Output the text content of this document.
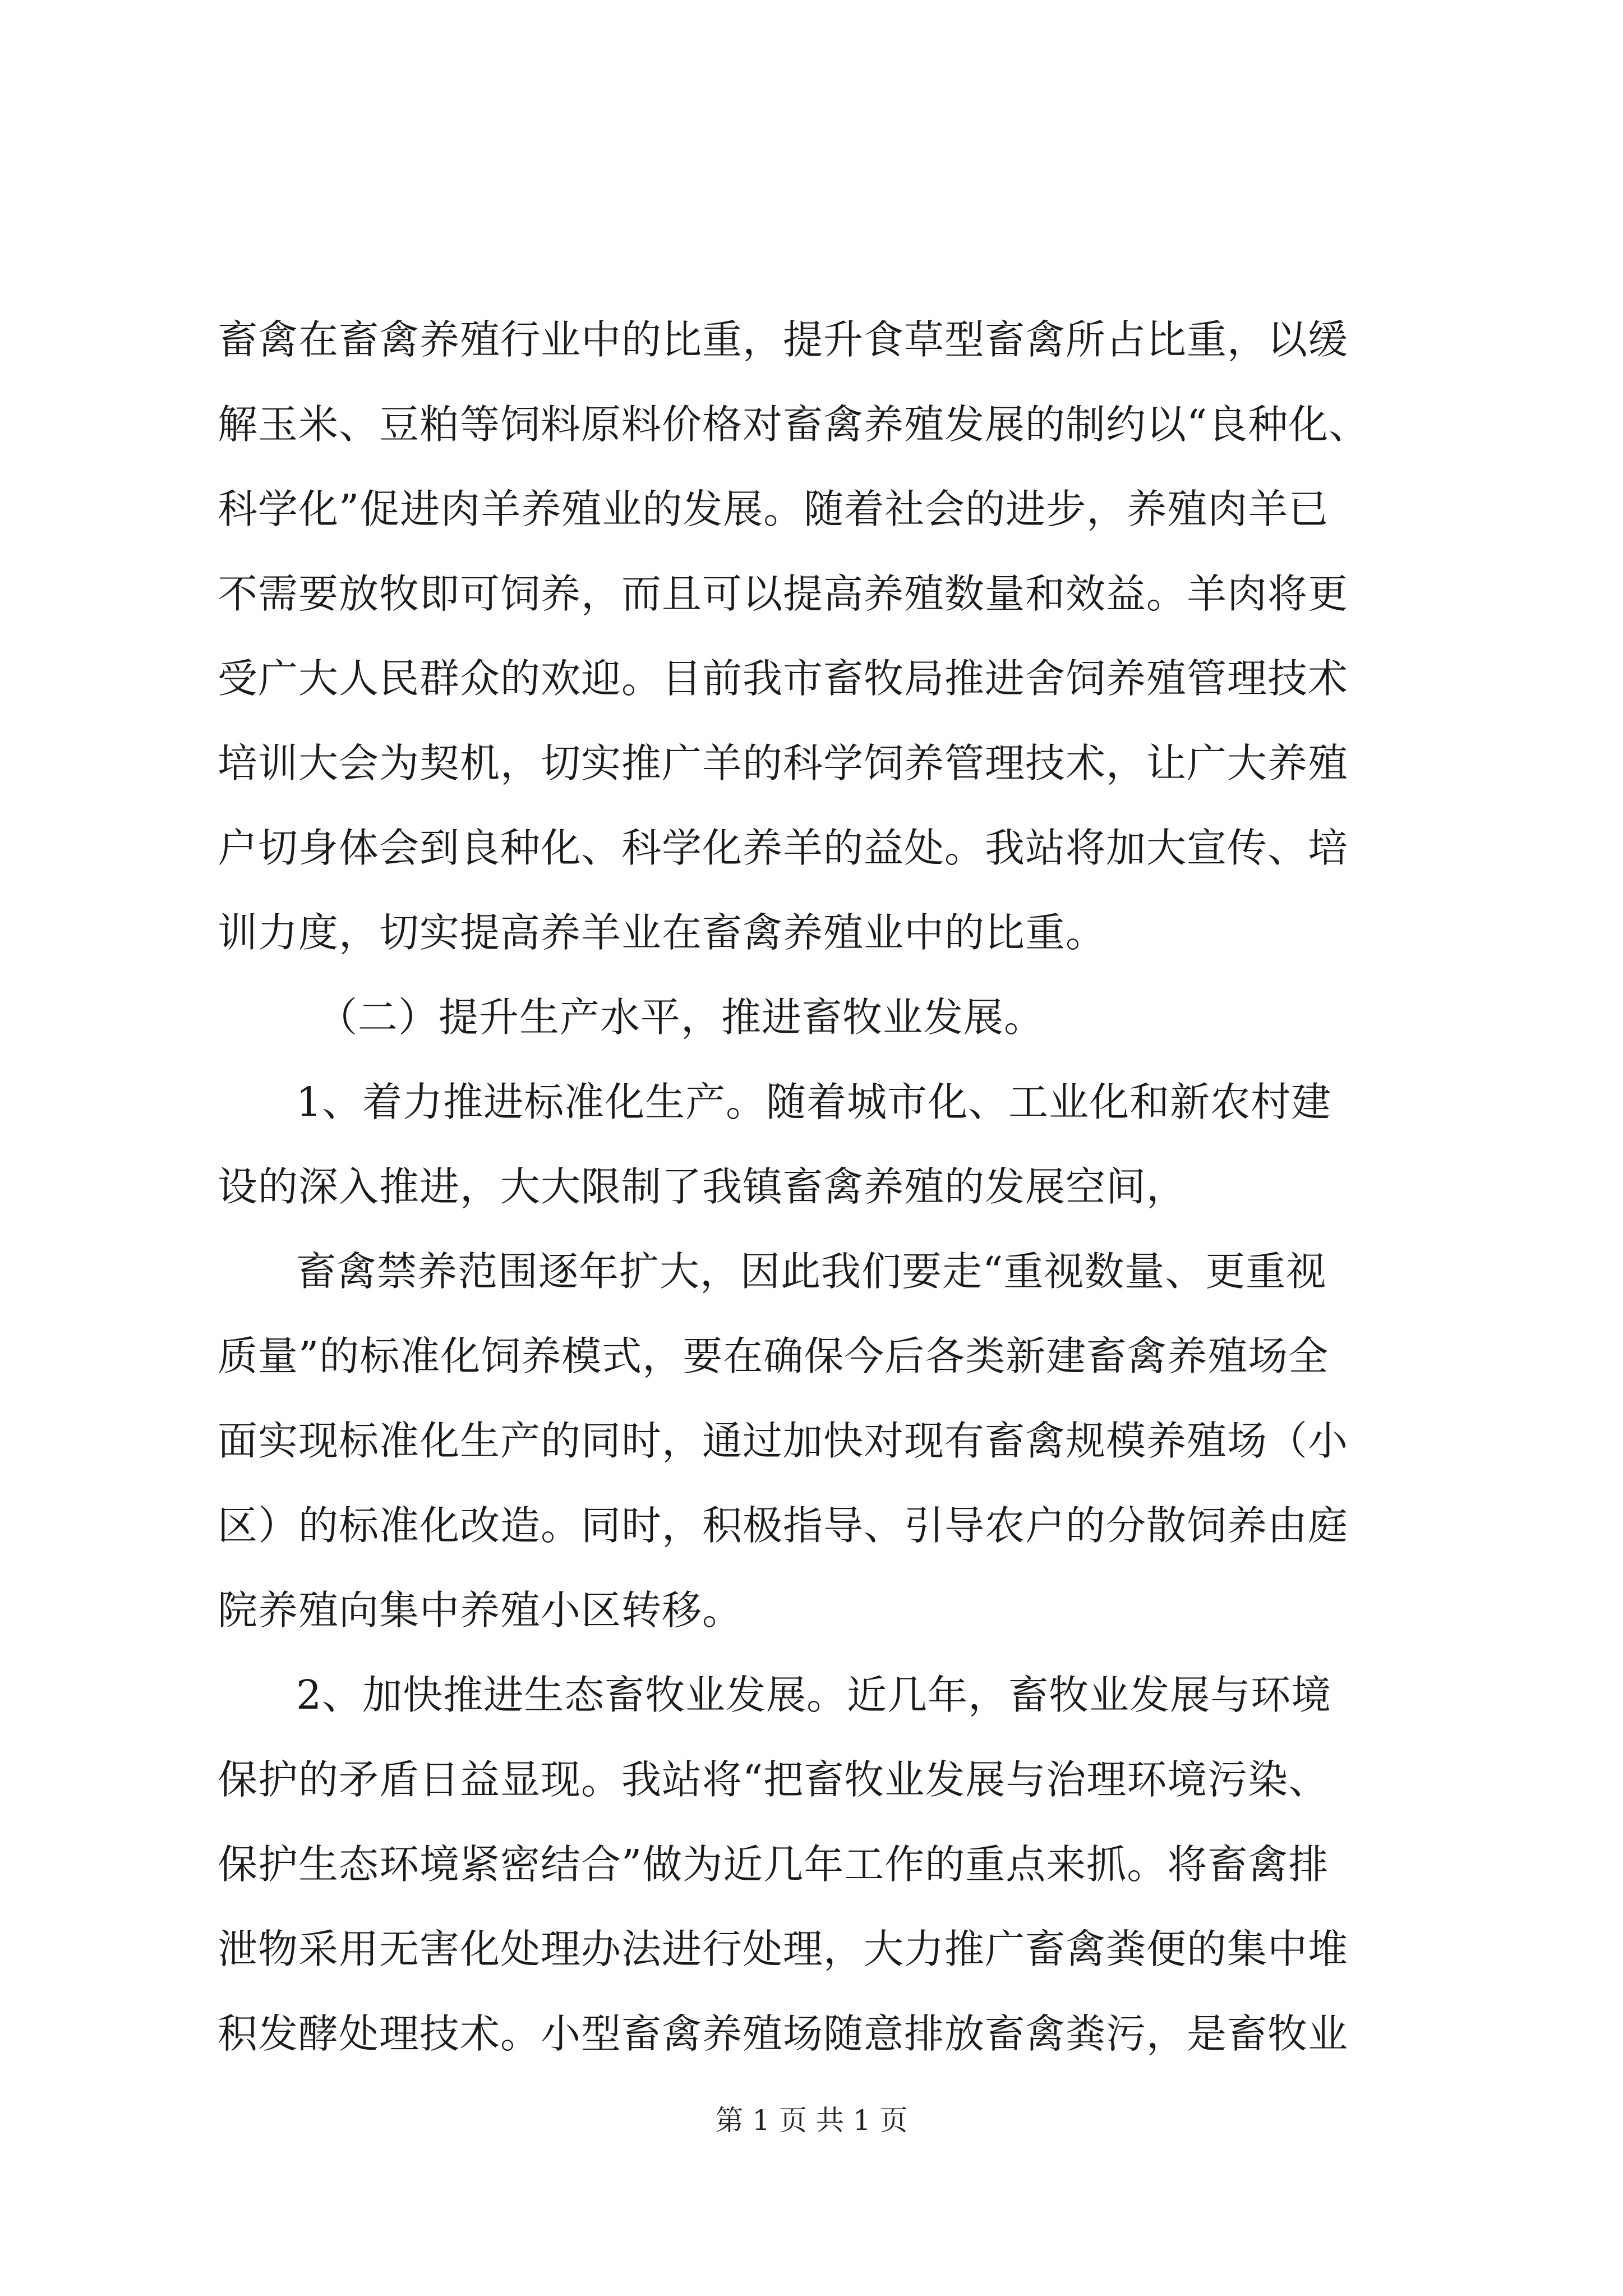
畜禽在畜禽养殖行业中的比重，提升食草型畜禽所占比重，以缓
解玉米、豆粕等饲料原料价格对畜禽养殖发展的制约以“良种化、
科学化”促进肉羊养殖业的发展。随着社会的进步，养殖肉羊已
不需要放牧即可饲养，而且可以提高养殖数量和效益。羊肉将更
受广大人民群众的欢迎。目前我市畜牧局推进舍饲养殖管理技术
培训大会为契机，切实推广羊的科学饲养管理技术，让广大养殖
户切身体会到良种化、科学化养羊的益处。我站将加大宣传、培
训力度，切实提高养羊业在畜禽养殖业中的比重。
（二）提升生产水平，推进畜牧业发展。
1、着力推进标准化生产。随着城市化、工业化和新农村建
设的深入推进，大大限制了我镇畜禽养殖的发展空间，
畜禽禁养范围逐年扩大，因此我们要走“重视数量、更重视
质量”的标准化饲养模式，要在确保今后各类新建畜禽养殖场全
面实现标准化生产的同时，通过加快对现有畜禽规模养殖场（小
区）的标准化改造。同时，积极指导、引导农户的分散饲养由庭
院养殖向集中养殖小区转移。
2、加快推进生态畜牧业发展。近几年，畜牧业发展与环境
保护的矛盾日益显现。我站将“把畜牧业发展与治理环境污染、
保护生态环境紧密结合”做为近几年工作的重点来抓。将畜禽排
泄物采用无害化处理办法进行处理，大力推广畜禽粪便的集中堆
积发酵处理技术。小型畜禽养殖场随意排放畜禽粪污，是畜牧业
第 1 页 共 1 页
